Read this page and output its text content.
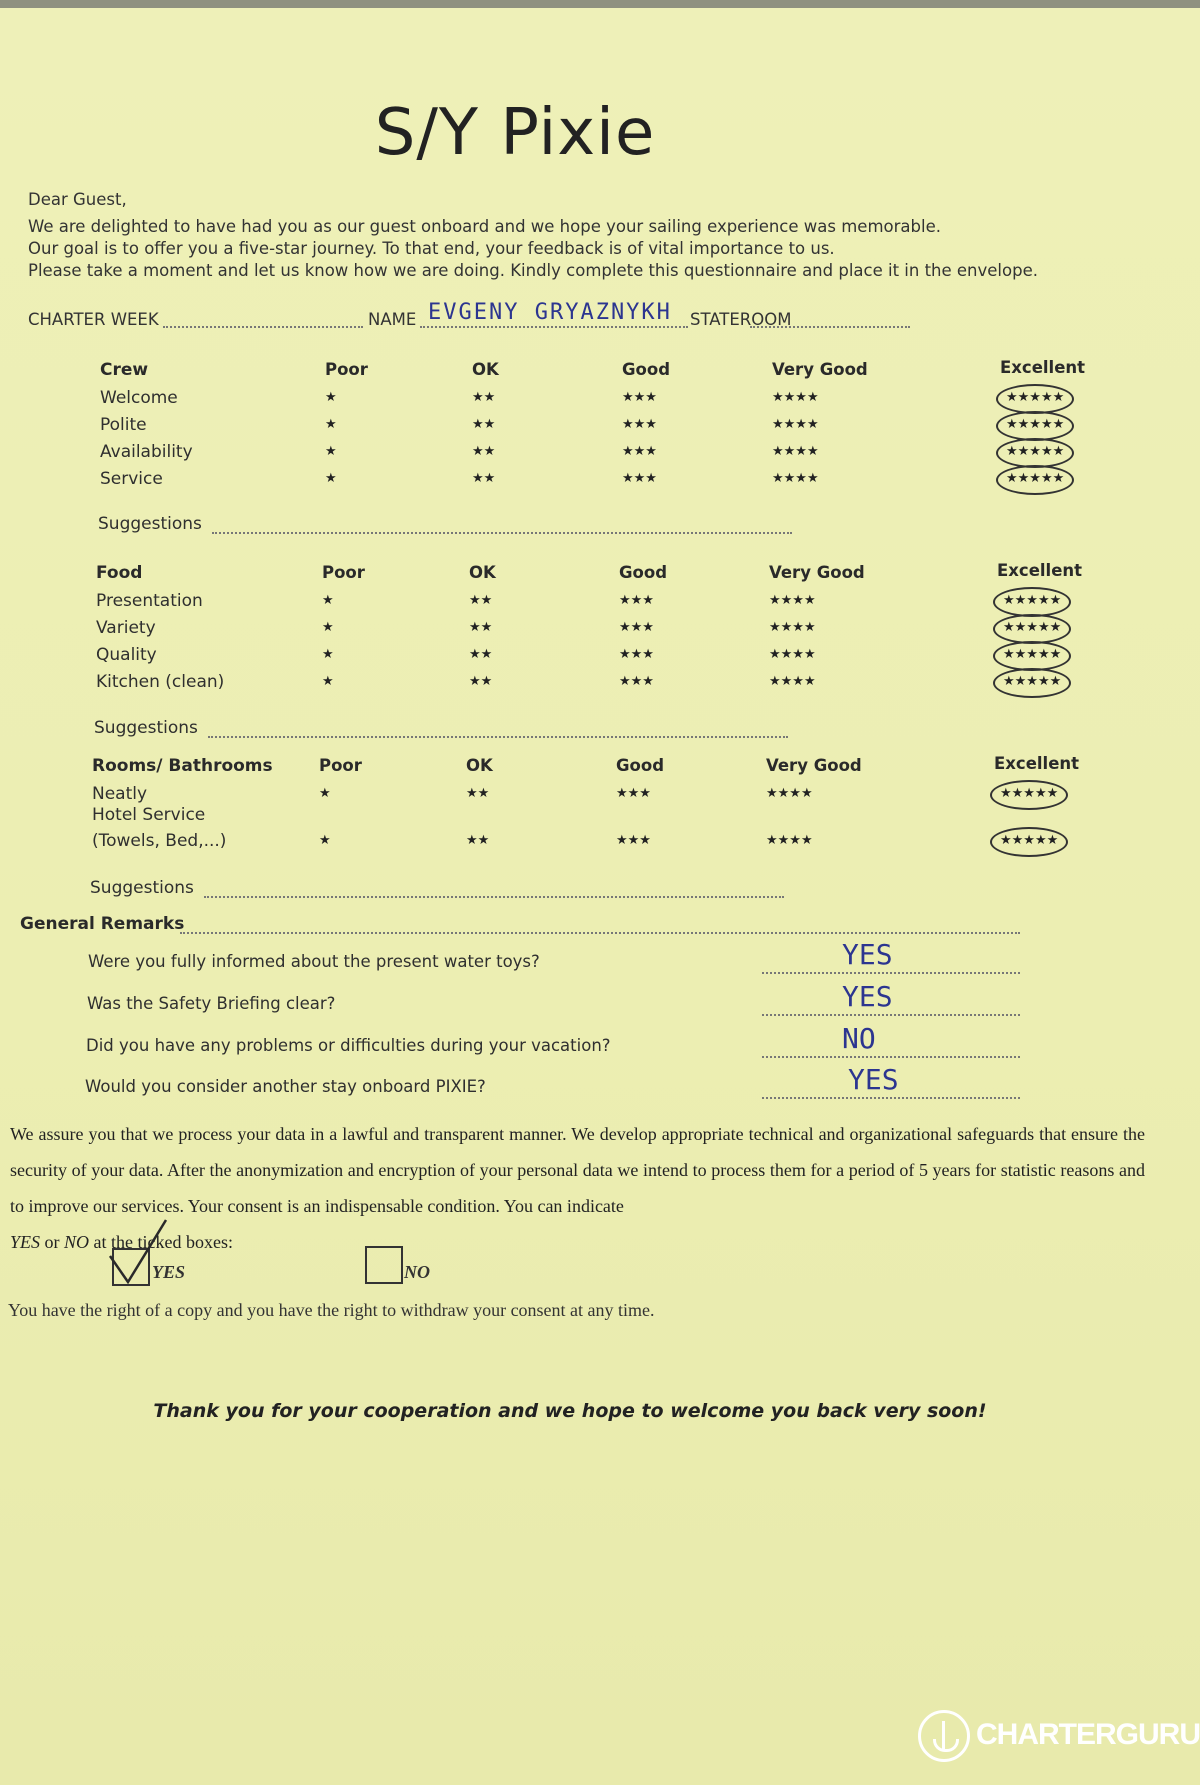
S/Y Pixie
Dear Guest,
We are delighted to have had you as our guest onboard and we hope your sailing experience was memorable.
Our goal is to offer you a five-star journey. To that end, your feedback is of vital importance to us.
Please take a moment and let us know how we are doing. Kindly complete this questionnaire and place it in the envelope.
CHARTER WEEK	NAME EVGENY GRYAZNYKH STATEROOM
Crew	Poor	OK	Good	Very Good	Excellent
Welcome	★	★★	★★★	★★★★	★★★★★
Polite	★	★★	★★★	★★★★	★★★★★
Availability	★	★★	★★★	★★★★	★★★★★
Service	★	★★	★★★	★★★★	★★★★★
Suggestions
Food	Poor	OK	Good	Very Good	Excellent
Presentation	★	★★	★★★	★★★★	★★★★★
Variety	★	★★	★★★	★★★★	★★★★★
Quality	★	★★	★★★	★★★★	★★★★★
Kitchen (clean)	★	★★	★★★	★★★★	★★★★★
Suggestions
Rooms/ Bathrooms	Poor	OK	Good	Very Good	Excellent
Neatly	★	★★	★★★	★★★★	★★★★★
Hotel Service
(Towels, Bed,...)	★	★★	★★★	★★★★	★★★★★
Suggestions
General Remarks
Were you fully informed about the present water toys?	YES
Was the Safety Briefing clear?	YES
Did you have any problems or difficulties during your vacation?	NO
Would you consider another stay onboard PIXIE?	YES
We assure you that we process your data in a lawful and transparent manner. We develop appropriate technical and organizational safeguards that ensure the security of your data. After the anonymization and encryption of your personal data we intend to process them for a period of 5 years for statistic reasons and to improve our services. Your consent is an indispensable condition. You can indicate
YES or NO at the ticked boxes:
YES	NO
You have the right of a copy and you have the right to withdraw your consent at any time.
Thank you for your cooperation and we hope to welcome you back very soon!
CHARTERGURU
